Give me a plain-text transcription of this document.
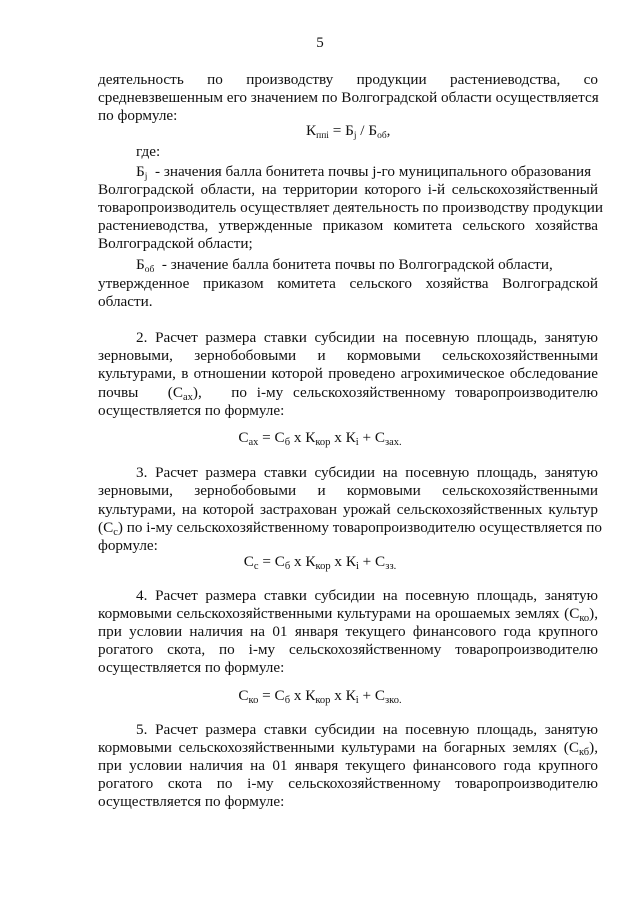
5
деятельность по производству продукции растениеводства, со
средневзвешенным его значением по Волгоградской области осуществляется
по формуле:
$К_{ппi} = Б_j / Б_{об}$,
где:
$Б_j$ - значения балла бонитета почвы j-го муниципального образования
Волгоградской области, на территории которого i-й сельскохозяйственный
товаропроизводитель осуществляет деятельность по производству продукции
растениеводства, утвержденные приказом комитета сельского хозяйства
Волгоградской области;
$Б_{об}$ - значение балла бонитета почвы по Волгоградской области,
утвержденное приказом комитета сельского хозяйства Волгоградской
области.
2. Расчет размера ставки субсидии на посевную площадь, занятую
зерновыми, зернобобовыми и кормовыми сельскохозяйственными
культурами, в отношении которой проведено агрохимическое обследование
почвы $(С_{ах})$, по i-му сельскохозяйственному товаропроизводителю
осуществляется по формуле:
$С_{ах} = С_б$ х $К_{кор}$ х $К_i + С_{зах.}$
3. Расчет размера ставки субсидии на посевную площадь, занятую
зерновыми, зернобобовыми и кормовыми сельскохозяйственными
культурами, на которой застрахован урожай сельскохозяйственных культур
$(С_с)$ по i-му сельскохозяйственному товаропроизводителю осуществляется по
формуле:
$С_с = С_б$ х $К_{кор}$ х $К_i + С_{зз.}$
4. Расчет размера ставки субсидии на посевную площадь, занятую
кормовыми сельскохозяйственными культурами на орошаемых землях $(С_{ко})$,
при условии наличия на 01 января текущего финансового года крупного
рогатого скота, по i-му сельскохозяйственному товаропроизводителю
осуществляется по формуле:
$С_{ко} = С_б$ х $К_{кор}$ х $К_i + С_{зко.}$
5. Расчет размера ставки субсидии на посевную площадь, занятую
кормовыми сельскохозяйственными культурами на богарных землях $(С_{кб})$,
при условии наличия на 01 января текущего финансового года крупного
рогатого скота по i-му сельскохозяйственному товаропроизводителю
осуществляется по формуле:
